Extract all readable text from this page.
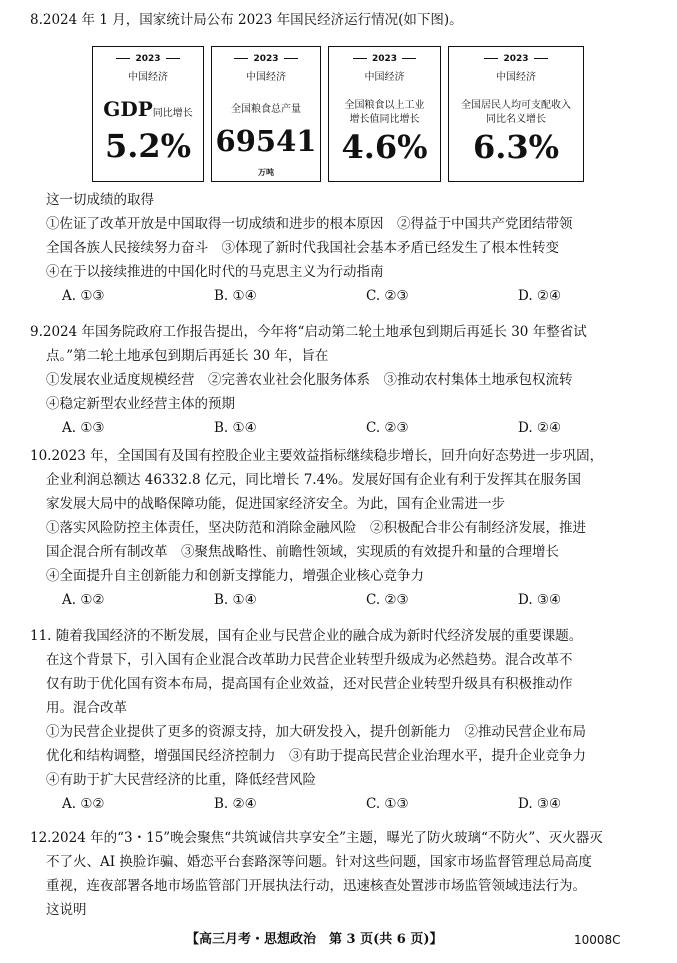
8.2024 年 1 月，国家统计局公布 2023 年国民经济运行情况(如下图)。
2023
中国经济
GDP同比增长
5.2%
2023
中国经济
全国粮食总产量
69541万吨
2023
中国经济
全国粮食以上工业
增长值同比增长
4.6%
2023
中国经济
全国居民人均可支配收入
同比名义增长
6.3%
这一切成绩的取得
①佐证了改革开放是中国取得一切成绩和进步的根本原因　②得益于中国共产党团结带领
全国各族人民接续努力奋斗　③体现了新时代我国社会基本矛盾已经发生了根本性转变
④在于以接续推进的中国化时代的马克思主义为行动指南
A. ①③	B. ①④	C. ②③	D. ②④
9.2024 年国务院政府工作报告提出，今年将“启动第二轮土地承包到期后再延长 30 年整省试
点。”第二轮土地承包到期后再延长 30 年，旨在
①发展农业适度规模经营　②完善农业社会化服务体系　③推动农村集体土地承包权流转
④稳定新型农业经营主体的预期
A. ①③	B. ①④	C. ②③	D. ②④
10.2023 年，全国国有及国有控股企业主要效益指标继续稳步增长，回升向好态势进一步巩固，
企业利润总额达 46332.8 亿元，同比增长 7.4%。发展好国有企业有利于发挥其在服务国
家发展大局中的战略保障功能，促进国家经济安全。为此，国有企业需进一步
①落实风险防控主体责任，坚决防范和消除金融风险　②积极配合非公有制经济发展，推进
国企混合所有制改革　③聚焦战略性、前瞻性领域，实现质的有效提升和量的合理增长
④全面提升自主创新能力和创新支撑能力，增强企业核心竞争力
A. ①②	B. ①④	C. ②③	D. ③④
11. 随着我国经济的不断发展，国有企业与民营企业的融合成为新时代经济发展的重要课题。
在这个背景下，引入国有企业混合改革助力民营企业转型升级成为必然趋势。混合改革不
仅有助于优化国有资本布局，提高国有企业效益，还对民营企业转型升级具有积极推动作
用。混合改革
①为民营企业提供了更多的资源支持，加大研发投入，提升创新能力　②推动民营企业布局
优化和结构调整，增强国民经济控制力　③有助于提高民营企业治理水平，提升企业竞争力
④有助于扩大民营经济的比重，降低经营风险
A. ①②	B. ②④	C. ①③	D. ③④
12.2024 年的“3・15”晚会聚焦“共筑诚信共享安全”主题，曝光了防火玻璃“不防火”、灭火器灭
不了火、AI 换脸诈骗、婚恋平台套路深等问题。针对这些问题，国家市场监督管理总局高度
重视，连夜部署各地市场监管部门开展执法行动，迅速核查处置涉市场监管领域违法行为。
这说明
【高三月考・思想政治　第 3 页(共 6 页)】	10008C
